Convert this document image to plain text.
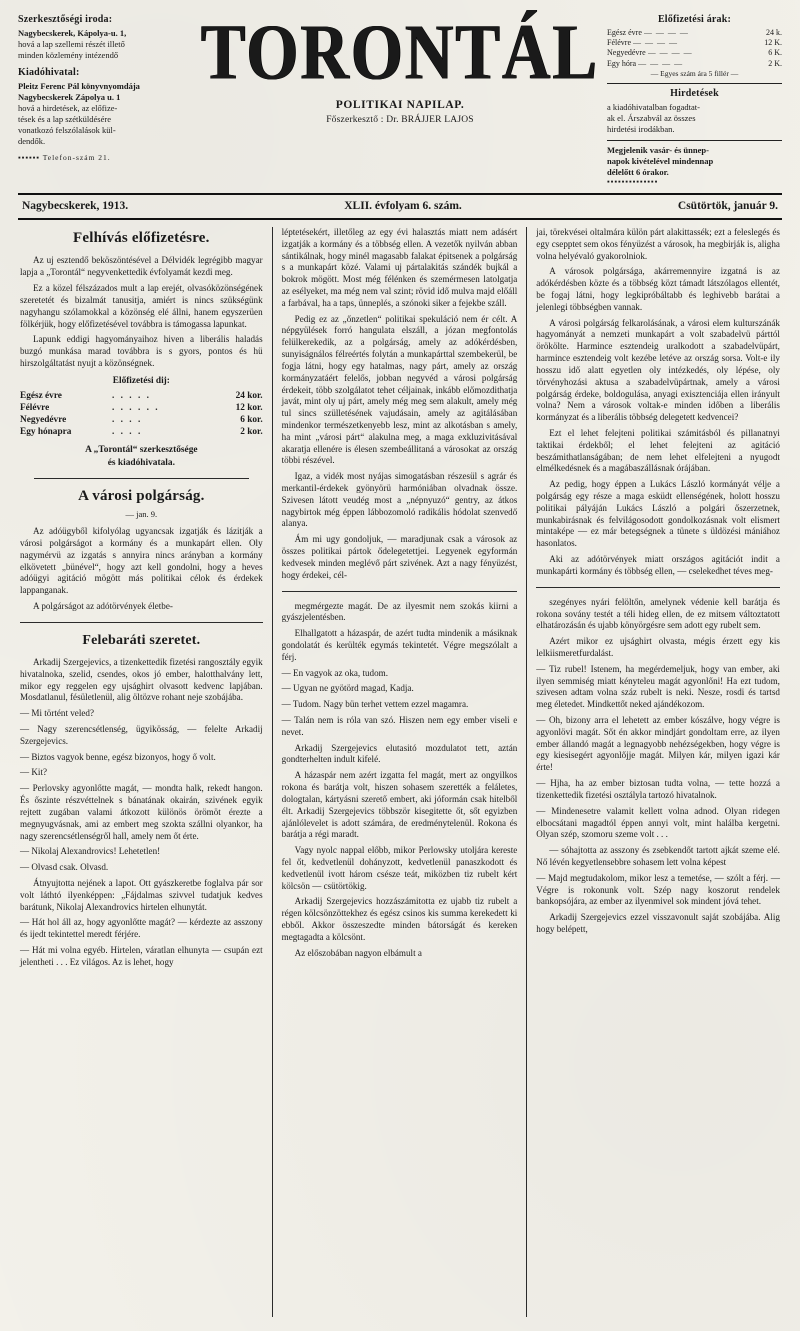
Szerkesztőségi iroda:
Nagybecskerek, Kápolya-u. 1,
hová a lap szellemi részét illető
minden közlemény intézendő
Kiadóhivatal:
Pleitz Ferenc Pál könyvnyomdája
Nagybecskerek Zápolya u. 1
hová a hirdetések, az előfize-
tések és a lap szétküldésére
vonatkozó felszólalások kül-
dendők.
▪▪▪▪▪▪ Telefon-szám 21.
TORONTÁL
POLITIKAI NAPILAP.
Főszerkesztő : Dr. BRÁJJER LAJOS
Előfizetési árak:
Egész évre — — — —	24 k.
Félévre — — — —	12 K.
Negyedévre — — — —	6 K.
Egy hóra — — — —	2 K.
— Egyes szám ára 5 fillér —
Hirdetések
a kiadóhivatalban fogadtat-
ak el. Árszabvál az összes
hirdetési irodákban.
Megjelenik vasár- és ünnep-
napok kivételével mindennap
délelőtt 6 órakor.
▪▪▪▪▪▪▪▪▪▪▪▪▪▪
Nagybecskerek, 1913.	XLII. évfolyam 6. szám.	Csütörtök, január 9.
Felhívás előfizetésre.

Az uj esztendő beköszöntésével a Délvidék legrégibb magyar lapja a „Torontál“ negyvenkettedik évfolyamát kezdi meg.

Ez a közel félszázados mult a lap erejét, olvasóközönségének szeretetét és bizalmát tanusitja, amiért is nincs szükségünk nagyhangu szólamokkal a közönség elé állni, hanem egyszerüen fölkérjük, hogy előfizetésével továbbra is támogassa lapunkat.

Lapunk eddigi hagyományaihoz hiven a liberális haladás buzgó munkása marad továbbra is s gyors, pontos és hü hirszolgáltatást nyujt a közönségnek.

Előfizetési dij:
Egész évre	. . . . .	24 kor.
Félévre	. . . . . .	12 kor.
Negyedévre	. . . .	6 kor.
Egy hónapra	. . . .	2 kor.
A „Torontál“ szerkesztősége
és kiadóhivatala.
A városi polgárság.
— jan. 9.

Az adóügyből kifolyólag ugyancsak izgatják és lázitják a városi polgárságot a kormány és a munkapárt ellen. Oly nagymérvü az izgatás s annyira nincs arányban a kormány elkövetett „bünével“, hogy azt kell gondolni, hogy a heves adóügyi agitáció mögött más politikai célok és érdekek lappanganak.

A polgárságot az adótörvények életbe-

Felebaráti szeretet.

Arkadij Szergejevics, a tizenkettedik fizetési rangosztály egyik hivatalnoka, szelid, csendes, okos jó ember, halotthalvány lett, mikor egy reggelen egy ujsághirt olvasott kedvenc lapjában. Mosdatlanul, fésületlenül, alig öltözve rohant neje szobájába.

— Mi történt veled?

— Nagy szerencsétlenség, ügyikösság, — felelte Arkadij Szergejevics.

— Biztos vagyok benne, egész bizonyos, hogy ő volt.

— Kit?

— Perlovsky agyonlőtte magát, — mondta halk, rekedt hangon. És őszinte részvéttelnek s bánatának okairán, szivének egyik rejtett zugában valami átkozott különös örömöt érezte a megnyugvásnak, ami az embert meg szokta szállni olyankor, ha nagy szerencsétlenségről hall, amely nem őt érte.

— Nikolaj Alexandrovics! Lehetetlen!

— Olvasd csak. Olvasd.

Átnyujtotta nejének a lapot. Ott gyászkeretbe foglalva pár sor volt láthtó ilyenképpen: „Fájdalmas szivvel tudatjuk kedves barátunk, Nikolaj Alexandrovics hirtelen elhunytát.

— Hát hol áll az, hogy agyonlőtte magát? — kérdezte az asszony és ijedt tekintettel meredt férjére.

— Hát mi volna egyéb. Hirtelen, váratlan elhunyta — csupán ezt jelentheti . . . Ez világos. Az is lehet, hogy

léptetésekért, illetőleg az egy évi halasztás miatt nem adásért izgatják a kormány és a többség ellen. A vezetők nyilván abban sántikálnak, hogy minél magasabb falakat épitsenek a polgárság s a munkapárt közé. Valami uj pártalakitás szándék bujkál a bokrok mögött. Most még félénken és szemérmesen latolgatja az esélyeket, ma még nem val szint; rövid idő mulva majd előáll a farbával, ha a taps, ünneplés, a szónoki siker a fejekbe száll.

Pedig ez az „őnzetlen“ politikai spekuláció nem ér célt. A népgyülések forró hangulata elszáll, a józan megfontolás felülkerekedik, az a polgárság, amely az adókérdésben, sunyiságnálos félreértés folytán a munkapárttal szembekerül, be fogja látni, hogy egy hatalmas, nagy párt, amely az ország kormányzatáért felelős, jobban negyvéd a városi polgárság érdekeit, több szolgálatot tehet céljainak, inkább előmozdithatja javát, mint oly uj párt, amely még meg sem alakult, amely még tul sincs szülletésének vajudásain, amely az agitálásában mindenkor természetkenyebb lesz, mint az alkotásban s amely, ha mint „városi párt“ alakulna meg, a maga exkluzivitásával akaratja ellenére is élesen szembeállitaná a városokat az ország többi részével.

Igaz, a vidék most nyájas simogatásban részesül s agrár és merkantil-érdekek gyönyörü harmóniában olvadnak össze. Szivesen látott veudég most a „népnyuzó“ gentry, az átkos nagybirtok még éppen lábbozomoló radikális hódolat szenvedő alanya.

Ám mi ugy gondoljuk, — maradjunak csak a városok az összes politikai pártok ődelegetettjei. Legyenek egyformán kedvesek minden meglévő párt szivének. Azt a nagy fényüzést, hogy érdekei, cél-

megmérgezte magát. De az ilyesmit nem szokás kiirni a gyászjelentésben.

Elhallgatott a házaspár, de azért tudta mindenik a másiknak gondolatát és kerülték egymás tekintetét. Végre megszólalt a férj.

— En vagyok az oka, tudom.

— Ugyan ne gyötörd magad, Kadja.

— Tudom. Nagy bün terhet vettem ezzel magamra.

— Talán nem is róla van szó. Hiszen nem egy ember viseli e nevet.

Arkadij Szergejevics elutasitó mozdulatot tett, aztán gondterhelten indult kifelé.

A házaspár nem azért izgatta fel magát, mert az ongyilkos rokona és barátja volt, hiszen sohasem szerették a feláletes, dologtalan, kártyásni szerető embert, aki jóformán csak hitelből élt. Arkadij Szergejevics többször kisegitette őt, sőt egyizben ajánlólevelet is adott számára, de eredménytelenül. Rokona és barátja a régi maradt.

Vagy nyolc nappal előbb, mikor Perlowsky utoljára kereste fel őt, kedvetlenül dohányzott, kedvetlenül panaszkodott és kedvetlenül ivott három csésze teát, miközben tiz rubelt kért kölcsön — csütörtökig.

Arkadij Szergejevics hozzászámitotta ez ujabb tiz rubelt a régen kölcsönzöttekhez és egész csinos kis summa kerekedett ki ebből. Akkor összeszedte minden bátorságát és kereken megtagadta a kölcsönt.

Az előszobában nagyon elbámult a

jai, törekvései oltalmára külön párt alakittassék; ezt a feleslegés és egy csepptet sem okos fényüzést a városok, ha megbirják is, aligha volna helyévaló gyakorolniok.

A városok polgársága, akárremennyire izgatná is az adókérdésben közte és a többség közt támadt látszólagos ellentét, be fogaj látni, hogy legkipróbáltabb és leghivebb barátai a jelenlegi többségben vannak.

A városi polgárság felkarolásának, a városi elem kulturszánák hagyományát a nemzeti munkapárt a volt szabadelvü párttól örökölte. Harmince esztendeig uralkodott a szabadelvüpárt, harmince esztendeig volt kezébe letéve az ország sorsa. Volt-e ily hosszu idő alatt egyetlen oly intézkedés, oly lépése, oly törvényhozási aktusa a szabadelvüpártnak, amely a városi polgárság érdeke, boldogulása, anyagi exisztenciája ellen irányult volna? Nem a városok voltak-e minden időben a liberális kormányzat és a liberális többség delegetett kedvencei?

Ezt el lehet felejteni politikai számitásból és pillanatnyi taktikai érdekből; el lehet felejteni az agitáció beszámithatlanságában; de nem lehet elfelejteni a nyugodt elmélkedésnek és a magábaszállásnak órájában.

Az pedig, hogy éppen a Lukács László kormányát vélje a polgárság egy része a maga esküdt ellenségének, holott hosszu politikai pályáján Lukács László a polgári őszerzetnek, munkabirásnak és felvilágosodott gondolkozásnak volt elismert mintaképe — ez már betegségnek a tünete s üldözési mániához hasonlatos.

Aki az adótörvények miatt országos agitációt indit a munkapárti kormány és többség ellen, — cselekedhet téves meg-

szegényes nyári felöltőn, amelynek védenie kell barátja és rokona sovány testét a téli hideg ellen, de ez mitsem változtatott elhatározásán és ujabb könyörgésre sem adott egy rubelt sem.

Azért mikor ez ujsághirt olvasta, mégis érzett egy kis lelkiismeretfurdalást.

— Tiz rubel! Istenem, ha megérdemeljuk, hogy van ember, aki ilyen semmiség miatt kényteleu magát agyonlőni! Ha ezt tudom, szivesen adtam volna száz rubelt is neki. Nesze, rosdi és tartsd meg életedet. Mindkettőt neked ajándékozom.

— Oh, bizony arra el lehetett az ember kószálve, hogy végre is agyonlövi magát. Sőt én akkor mindjárt gondoltam erre, az ilyen ember állandó magát a legnagyobb nehézségekben, hogy végre is egy kiesisegért agyonlőjje magát. Milyen kár, milyen igazi kár érte!

— Hjha, ha az ember biztosan tudta volna, — tette hozzá a tizenkettedik fizetési osztályla tartozó hivatalnok.

— Mindenesetre valamit kellett volna adnod. Olyan ridegen elbocsátani magadtól éppen annyi volt, mint halálba kergetni. Olyan szép, szomoru szeme volt . . .

— sóhajtotta az asszony és zsebkendőt tartott ajkát szeme elé. Nő lévén kegyetlensebbre sohasem lett volna képest

— Majd megtudakolom, mikor lesz a temetése, — szólt a férj. — Végre is rokonunk volt. Szép nagy koszorut rendelek bankopsójára, az ember az ilyenmivel sok mindent jóvá tehet.

Arkadij Szergejevics ezzel visszavonult saját szobájába. Alig hogy belépett,
